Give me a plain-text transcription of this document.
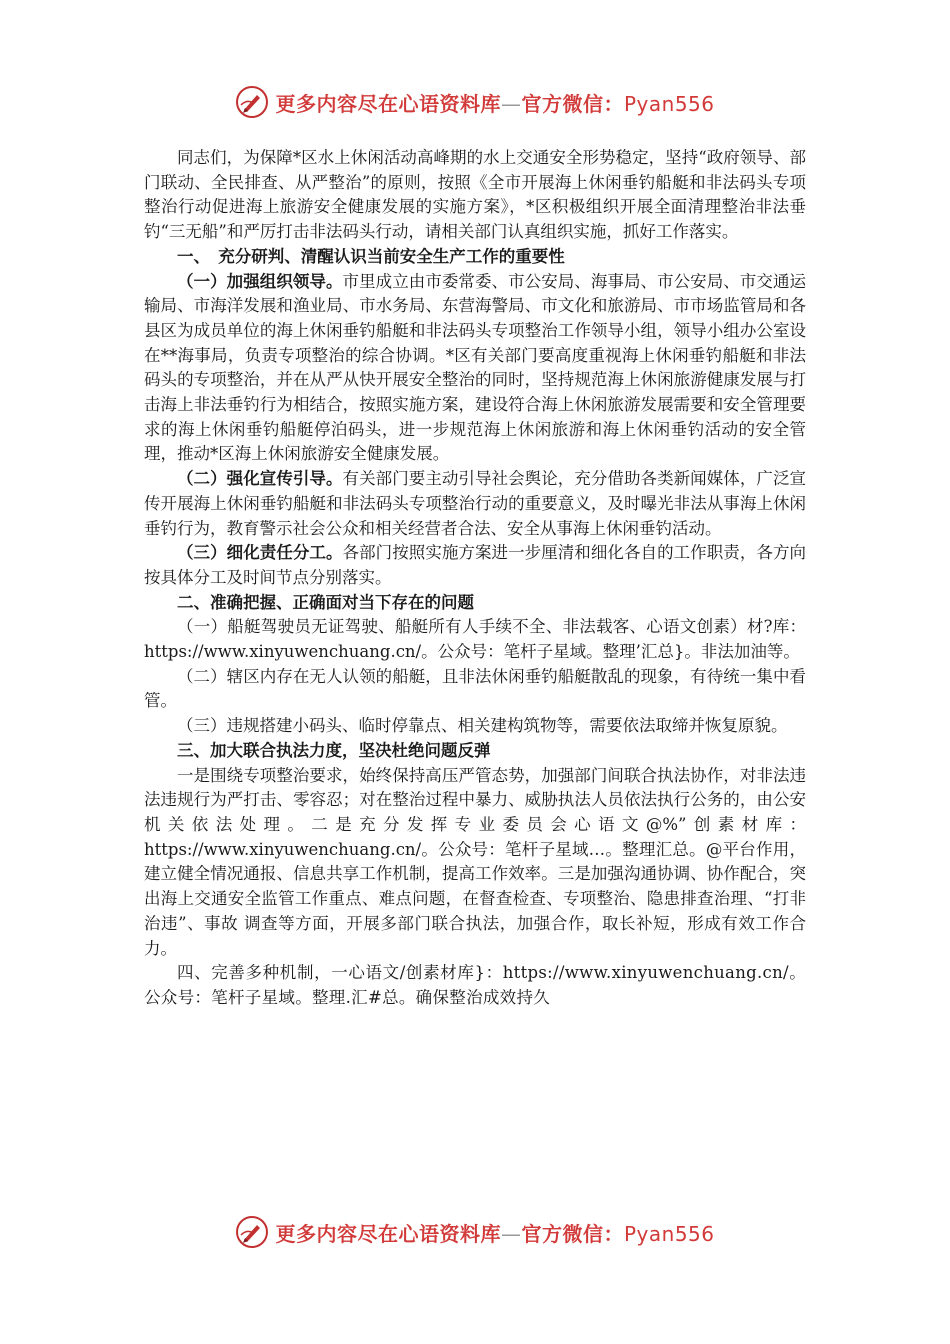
更多内容尽在心语资料库—官方微信：Pyan556

同志们，为保障*区水上休闲活动高峰期的水上交通安全形势稳定，坚持“政府领导、部门联动、全民排查、从严整治”的原则，按照《全市开展海上休闲垂钓船艇和非法码头专项整治行动促进海上旅游安全健康发展的实施方案》，*区积极组织开展全面清理整治非法垂钓“三无船”和严厉打击非法码头行动，请相关部门认真组织实施，抓好工作落实。

一、　充分研判、清醒认识当前安全生产工作的重要性

（一）加强组织领导。市里成立由市委常委、市公安局、海事局、市公安局、市交通运输局、市海洋发展和渔业局、市水务局、东营海警局、市文化和旅游局、市市场监管局和各县区为成员单位的海上休闲垂钓船艇和非法码头专项整治工作领导小组，领导小组办公室设在**海事局，负责专项整治的综合协调。*区有关部门要高度重视海上休闲垂钓船艇和非法码头的专项整治，并在从严从快开展安全整治的同时，坚持规范海上休闲旅游健康发展与打击海上非法垂钓行为相结合，按照实施方案，建设符合海上休闲旅游发展需要和安全管理要求的海上休闲垂钓船艇停泊码头，进一步规范海上休闲旅游和海上休闲垂钓活动的安全管理，推动*区海上休闲旅游安全健康发展。

（二）强化宣传引导。有关部门要主动引导社会舆论，充分借助各类新闻媒体，广泛宣传开展海上休闲垂钓船艇和非法码头专项整治行动的重要意义，及时曝光非法从事海上休闲垂钓行为，教育警示社会公众和相关经营者合法、安全从事海上休闲垂钓活动。

（三）细化责任分工。各部门按照实施方案进一步厘清和细化各自的工作职责，各方向按具体分工及时间节点分别落实。

二、准确把握、正确面对当下存在的问题

（一）船艇驾驶员无证驾驶、船艇所有人手续不全、非法载客、心语文创素）材?库：https://www.xinyuwenchuang.cn/。公众号：笔杆子星域。整理’汇总}。非法加油等。

（二）辖区内存在无人认领的船艇，且非法休闲垂钓船艇散乱的现象，有待统一集中看管。

（三）违规搭建小码头、临时停靠点、相关建构筑物等，需要依法取缔并恢复原貌。

三、加大联合执法力度，坚决杜绝问题反弹

一是围绕专项整治要求，始终保持高压严管态势，加强部门间联合执法协作，对非法违法违规行为严打击、零容忍；对在整治过程中暴力、威胁执法人员依法执行公务的，由公安机关依法处理。二是充分发挥专业委员会心语文@%”创素材库：https://www.xinyuwenchuang.cn/。公众号：笔杆子星域…。整理汇总。@平台作用，建立健全情况通报、信息共享工作机制，提高工作效率。三是加强沟通协调、协作配合，突出海上交通安全监管工作重点、难点问题，在督查检查、专项整治、隐患排查治理、“打非治违”、事故 调查等方面，开展多部门联合执法，加强合作，取长补短，形成有效工作合力。

四、完善多种机制，一心语文/创素材库}：https://www.xinyuwenchuang.cn/。公众号：笔杆子星域。整理.汇#总。确保整治成效持久

更多内容尽在心语资料库—官方微信：Pyan556
